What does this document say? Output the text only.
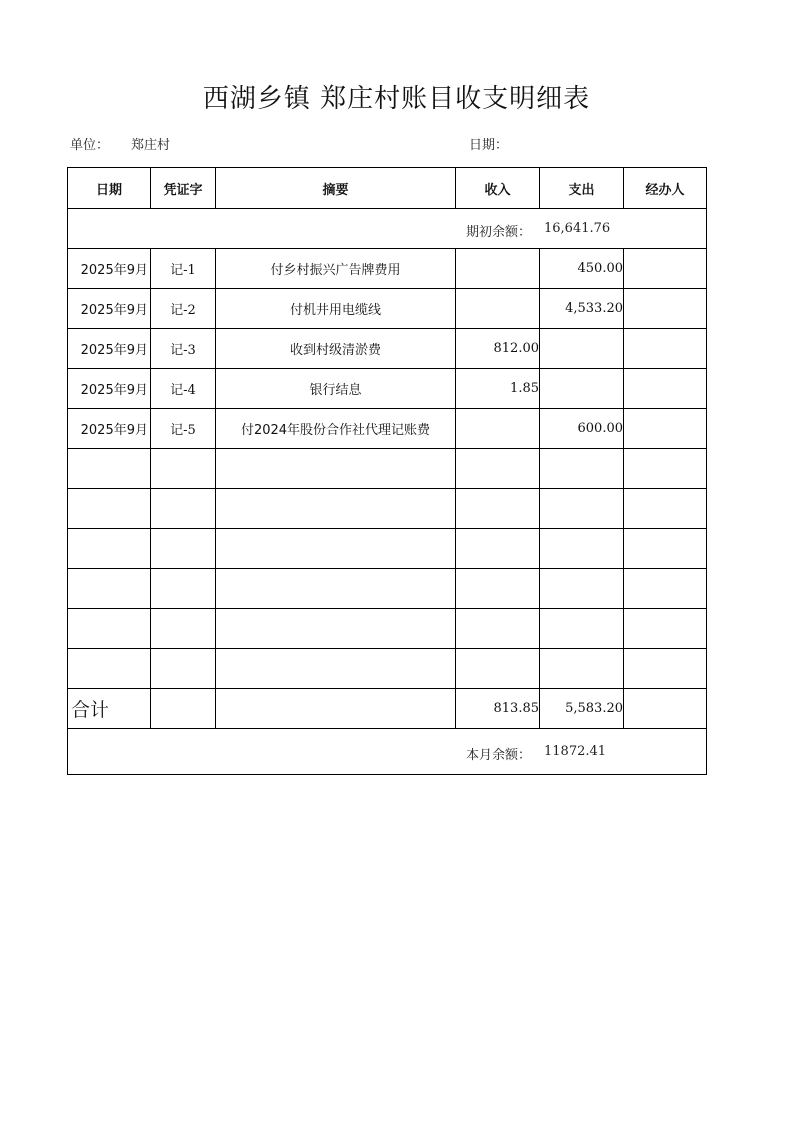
西湖乡镇 郑庄村账目收支明细表
单位： 郑庄村	日期：
日期	凭证字	摘要	收入	支出	经办人

期初余额： 16,641.76					

2025年9月	记-1	付乡村振兴广告牌费用		450.00	
2025年9月	记-2	付机井用电缆线		4,533.20	
2025年9月	记-3	收到村级清淤费	812.00		
2025年9月	记-4	银行结息	1.85		
2025年9月	记-5	付2024年股份合作社代理记账费		600.00	

合计			813.85	5,583.20	

本月余额： 11872.41					
